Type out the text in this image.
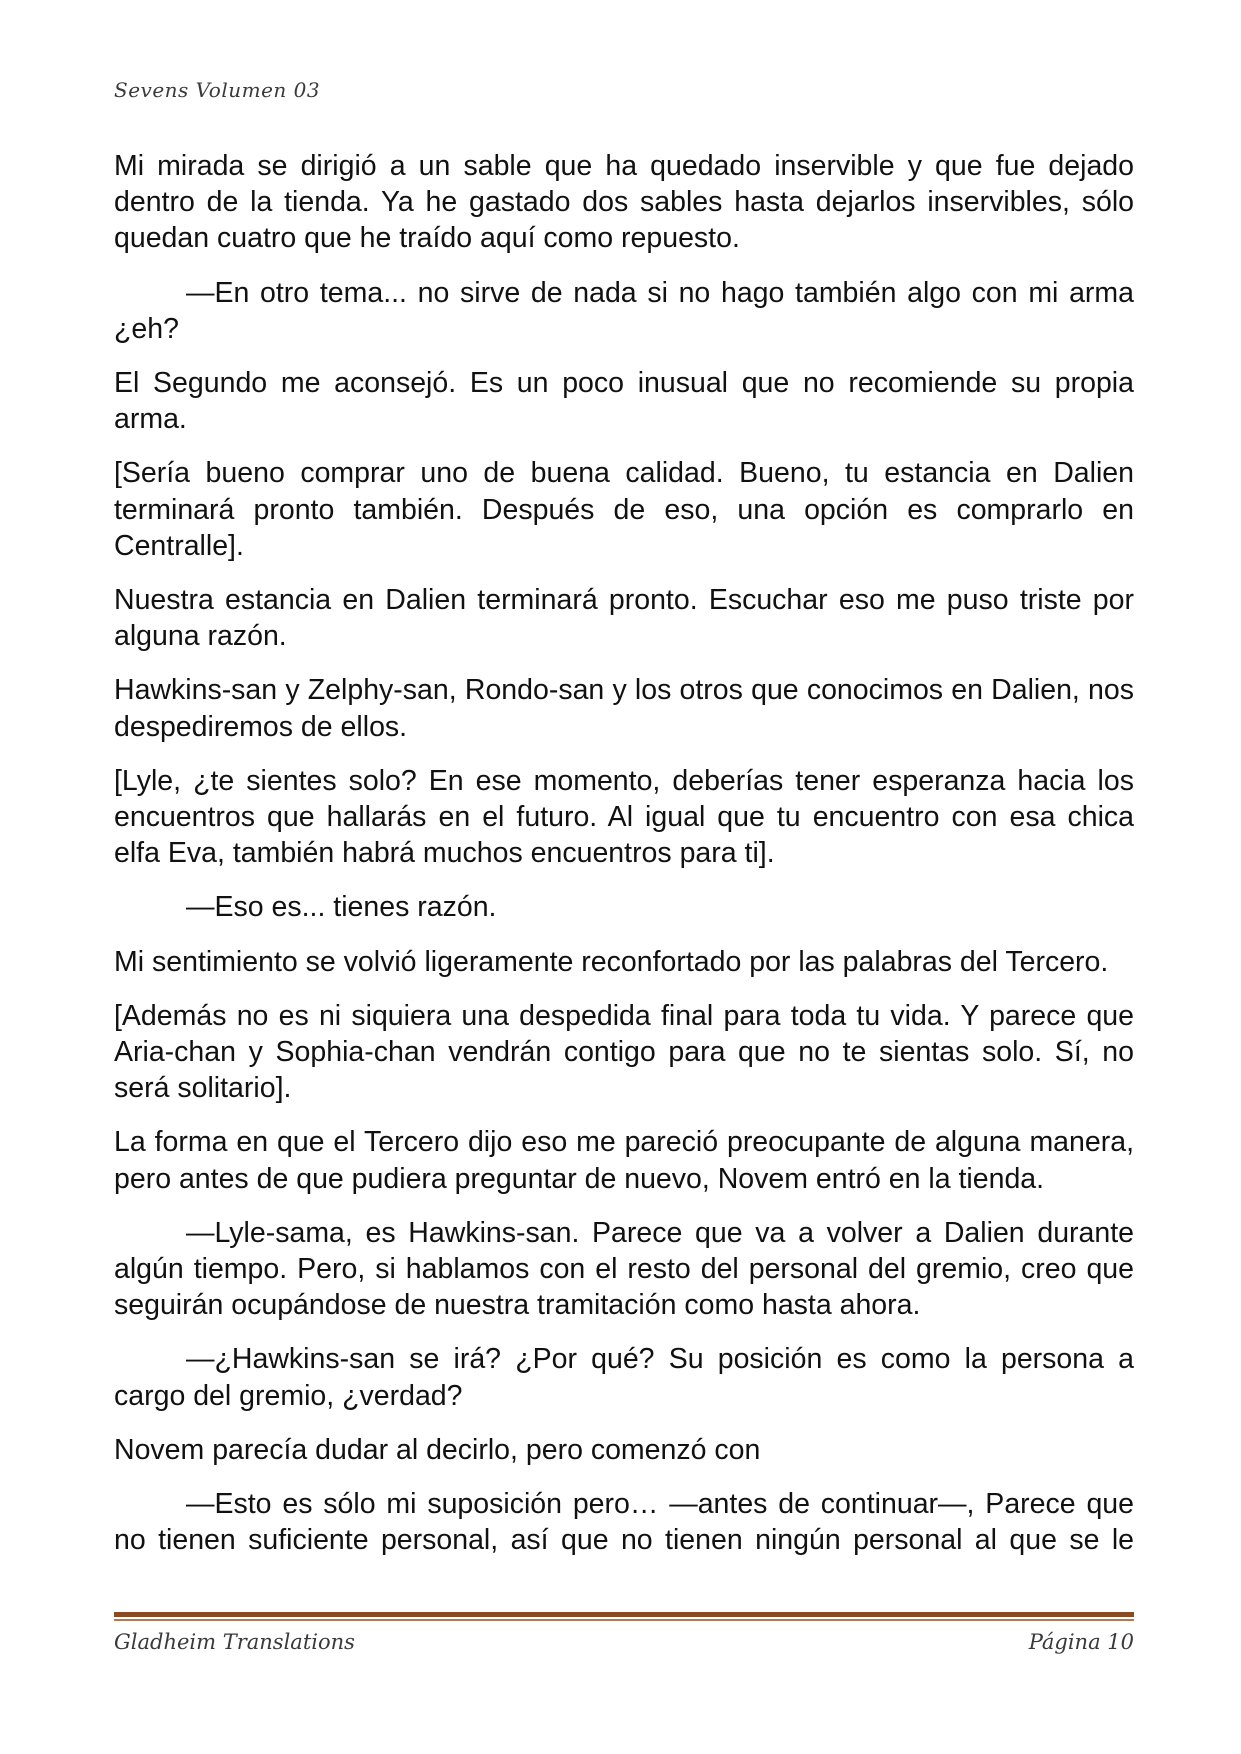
Sevens Volumen 03

Mi mirada se dirigió a un sable que ha quedado inservible y que fue dejado dentro de la tienda. Ya he gastado dos sables hasta dejarlos inservibles, sólo quedan cuatro que he traído aquí como repuesto.

—En otro tema... no sirve de nada si no hago también algo con mi arma ¿eh?

El Segundo me aconsejó. Es un poco inusual que no recomiende su propia arma.

[Sería bueno comprar uno de buena calidad. Bueno, tu estancia en Dalien terminará pronto también. Después de eso, una opción es comprarlo en Centralle].

Nuestra estancia en Dalien terminará pronto. Escuchar eso me puso triste por alguna razón.

Hawkins-san y Zelphy-san, Rondo-san y los otros que conocimos en Dalien, nos despediremos de ellos.

[Lyle, ¿te sientes solo? En ese momento, deberías tener esperanza hacia los encuentros que hallarás en el futuro. Al igual que tu encuentro con esa chica elfa Eva, también habrá muchos encuentros para ti].

—Eso es... tienes razón.

Mi sentimiento se volvió ligeramente reconfortado por las palabras del Tercero.

[Además no es ni siquiera una despedida final para toda tu vida. Y parece que Aria-chan y Sophia-chan vendrán contigo para que no te sientas solo. Sí, no será solitario].

La forma en que el Tercero dijo eso me pareció preocupante de alguna manera, pero antes de que pudiera preguntar de nuevo, Novem entró en la tienda.

—Lyle-sama, es Hawkins-san. Parece que va a volver a Dalien durante algún tiempo. Pero, si hablamos con el resto del personal del gremio, creo que seguirán ocupándose de nuestra tramitación como hasta ahora.

—¿Hawkins-san se irá? ¿Por qué? Su posición es como la persona a cargo del gremio, ¿verdad?

Novem parecía dudar al decirlo, pero comenzó con

—Esto es sólo mi suposición pero… —antes de continuar—, Parece que no tienen suficiente personal, así que no tienen ningún personal al que se le

Gladheim Translations	Página 10
